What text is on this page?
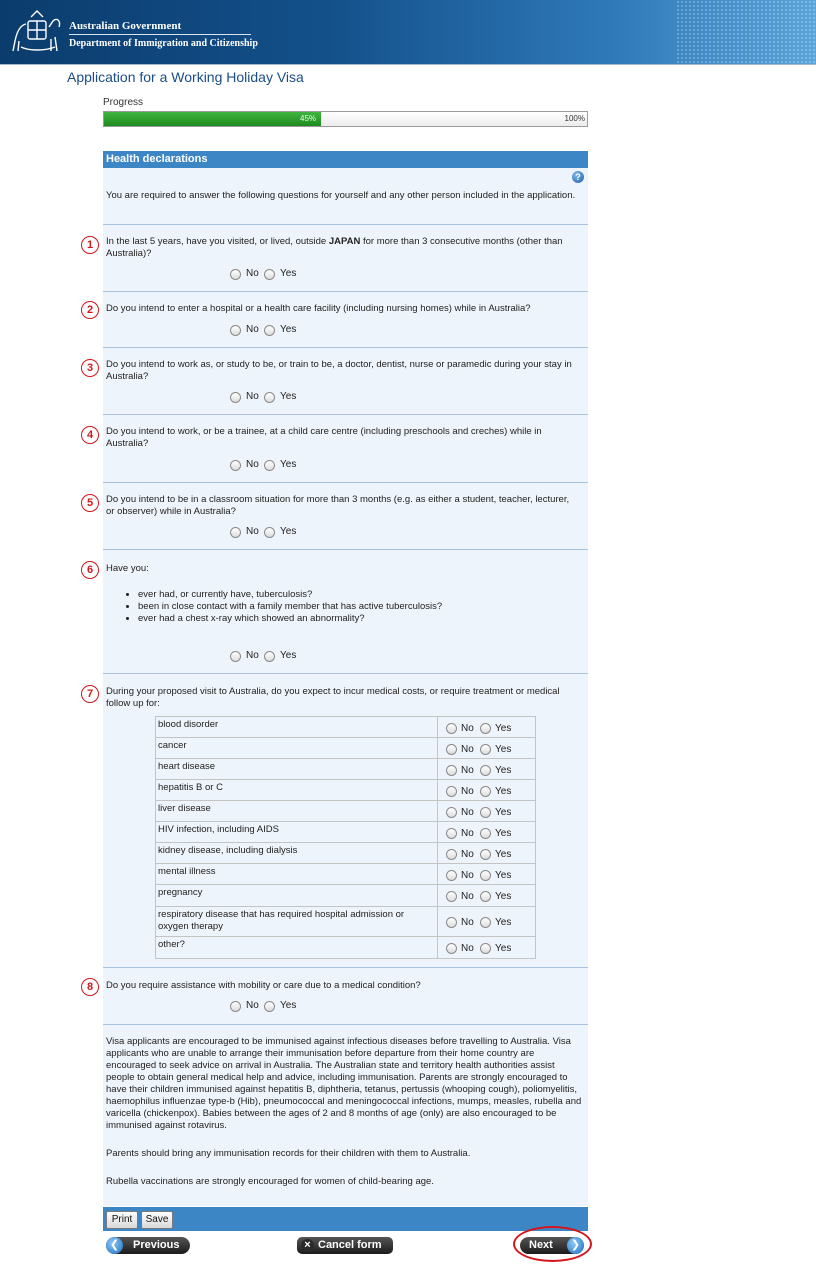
Australian Government
Department of Immigration and Citizenship
Application for a Working Holiday Visa
Progress
45%	100%
Health declarations
?
You are required to answer the following questions for yourself and any other person included in the application.
1	In the last 5 years, have you visited, or lived, outside JAPAN for more than 3 consecutive months (other than Australia)?
No Yes
2	Do you intend to enter a hospital or a health care facility (including nursing homes) while in Australia?
No Yes
3	Do you intend to work as, or study to be, or train to be, a doctor, dentist, nurse or paramedic during your stay in Australia?
No Yes
4	Do you intend to work, or be a trainee, at a child care centre (including preschools and creches) while in Australia?
No Yes
5	Do you intend to be in a classroom situation for more than 3 months (e.g. as either a student, teacher, lecturer, or observer) while in Australia?
No Yes
6	Have you:
• ever had, or currently have, tuberculosis?
• been in close contact with a family member that has active tuberculosis?
• ever had a chest x-ray which showed an abnormality?
No Yes
7	During your proposed visit to Australia, do you expect to incur medical costs, or require treatment or medical follow up for:
blood disorder	No Yes
cancer	No Yes
heart disease	No Yes
hepatitis B or C	No Yes
liver disease	No Yes
HIV infection, including AIDS	No Yes
kidney disease, including dialysis	No Yes
mental illness	No Yes
pregnancy	No Yes
respiratory disease that has required hospital admission or oxygen therapy	No Yes
other?	No Yes
8	Do you require assistance with mobility or care due to a medical condition?
No Yes
Visa applicants are encouraged to be immunised against infectious diseases before travelling to Australia. Visa applicants who are unable to arrange their immunisation before departure from their home country are encouraged to seek advice on arrival in Australia. The Australian state and territory health authorities assist people to obtain general medical help and advice, including immunisation. Parents are strongly encouraged to have their children immunised against hepatitis B, diphtheria, tetanus, pertussis (whooping cough), poliomyelitis, haemophilus influenzae type-b (Hib), pneumococcal and meningococcal infections, mumps, measles, rubella and varicella (chickenpox). Babies between the ages of 2 and 8 months of age (only) are also encouraged to be immunised against rotavirus.
Parents should bring any immunisation records for their children with them to Australia.
Rubella vaccinations are strongly encouraged for women of child-bearing age.
Print	Save
❮	Previous	× Cancel form	Next	❯
